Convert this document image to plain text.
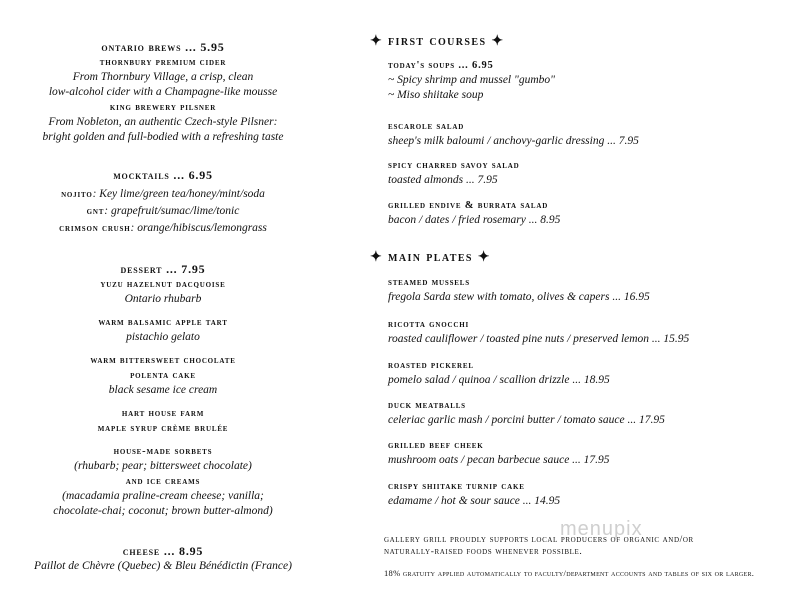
ontario brews ... 5.95
thornbury premium cider
From Thornbury Village, a crisp, clean
low-alcohol cider with a Champagne-like mousse
king brewery pilsner
From Nobleton, an authentic Czech-style Pilsner:
bright golden and full-bodied with a refreshing taste
mocktails ... 6.95
nojito: Key lime/green tea/honey/mint/soda
gnt: grapefruit/sumac/lime/tonic
crimson crush: orange/hibiscus/lemongrass
dessert ... 7.95
yuzu hazelnut dacquoise
Ontario rhubarb
warm balsamic apple tart
pistachio gelato
warm bittersweet chocolate
polenta cake
black sesame ice cream
hart house farm
maple syrup crème brulée
house-made sorbets
(rhubarb; pear; bittersweet chocolate)
and ice creams
(macadamia praline-cream cheese; vanilla;
chocolate-chai; coconut; brown butter-almond)
cheese ... 8.95
Paillot de Chèvre (Quebec) & Bleu Bénédictin (France)
✦ first courses ✦
today's soups ... 6.95
~ Spicy shrimp and mussel "gumbo"
~ Miso shiitake soup
escarole salad
sheep's milk baloumi / anchovy-garlic dressing ... 7.95
spicy charred savoy salad
toasted almonds ... 7.95
grilled endive & burrata salad
bacon / dates / fried rosemary ... 8.95
✦ main plates ✦
steamed mussels
fregola Sarda stew with tomato, olives & capers ... 16.95
ricotta gnocchi
roasted cauliflower / toasted pine nuts / preserved lemon ... 15.95
roasted pickerel
pomelo salad / quinoa / scallion drizzle ... 18.95
duck meatballs
celeriac garlic mash / porcini butter / tomato sauce ... 17.95
grilled beef cheek
mushroom oats / pecan barbecue sauce ... 17.95
crispy shiitake turnip cake
edamame / hot & sour sauce ... 14.95
gallery grill proudly supports local producers of organic and/or
naturally-raised foods whenever possible.
18% gratuity applied automatically to faculty/department accounts and tables of six or larger.
menupix
